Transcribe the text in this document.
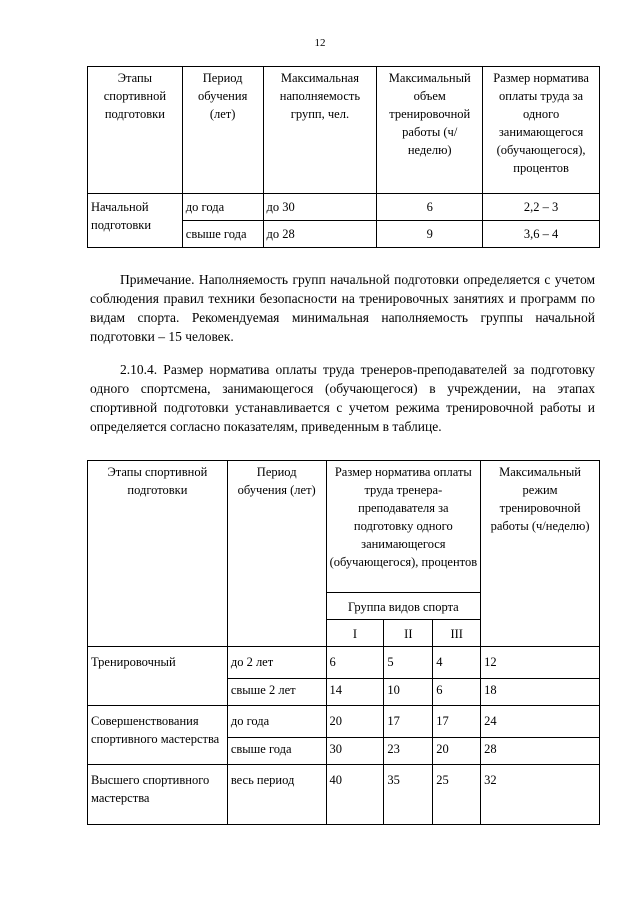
12
Этапы спортивной подготовки	Период обучения (лет)	Максимальная наполняемость групп, чел.	Максимальный объем тренировочной работы (ч/неделю)	Размер норматива оплаты труда за одного занимающегося (обучающегося), процентов
Начальной подготовки	до года	до 30	6	2,2 – 3
	свыше года	до 28	9	3,6 – 4

Примечание. Наполняемость групп начальной подготовки определяется с учетом соблюдения правил техники безопасности на тренировочных занятиях и программ по видам спорта. Рекомендуемая минимальная наполняемость группы начальной подготовки – 15 человек.

2.10.4. Размер норматива оплаты труда тренеров-преподавателей за подготовку одного спортсмена, занимающегося (обучающегося) в учреждении, на этапах спортивной подготовки устанавливается с учетом режима тренировочной работы и определяется согласно показателям, приведенным в таблице.

Этапы спортивной подготовки	Период обучения (лет)	Размер норматива оплаты труда тренера-преподавателя за подготовку одного занимающегося (обучающегося), процентов			Максимальный режим тренировочной работы (ч/неделю)
		Группа видов спорта			
		I	II	III	
Тренировочный	до 2 лет	6	5	4	12
	свыше 2 лет	14	10	6	18
Совершенствования спортивного мастерства	до года	20	17	17	24
	свыше года	30	23	20	28
Высшего спортивного мастерства	весь период	40	35	25	32
